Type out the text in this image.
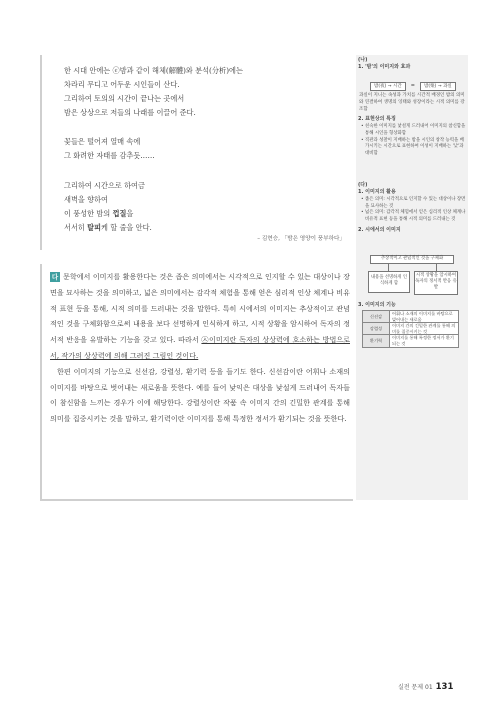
한 시대 안에는 ⓔ밤과 같이 해체(解體)와 분석(分析)에는
차라리 무디고 어두운 시인들이 산다.
그리하여 토의의 시간이 끝나는 곳에서
밤은 상상으로 저들의 나래를 이끌어 준다.
꽃들은 떨어져 열매 속에
그 화려한 자태를 감추듯……
그리하여 시간으로 하여금
새벽을 향하여
이 풍성한 밤의 껍질을
서서히 탈피케 할 줄을 안다.
– 김현승, 「밤은 영양이 풍부하다」

다 문학에서 이미지를 활용한다는 것은 좁은 의미에서는 시각적으로 인지할 수 있는 대상이나 장면을 묘사하는 것을 의미하고, 넓은 의미에서는 감각적 체험을 통해 얻은 심리적 인상 체계나 비유적 표현 등을 통해, 시적 의미를 드러내는 것을 말한다. 특히 시에서의 이미지는 추상적이고 관념적인 것을 구체화함으로써 내용을 보다 선명하게 인식하게 하고, 시적 상황을 암시하여 독자의 정서적 반응을 유발하는 기능을 갖고 있다. 따라서 ㉦이미지란 독자의 상상력에 호소하는 방법으로서, 작가의 상상력에 의해 그려진 그림인 것이다.

한편 이미지의 기능으로 신선감, 강렬성, 환기력 등을 들기도 한다. 신선감이란 어휘나 소재의 이미지를 바탕으로 벗어내는 새로움을 뜻한다. 예를 들어 낯익은 대상을 낯설게 드러내어 독자들이 참신함을 느끼는 경우가 이에 해당한다. 강렬성이란 작품 속 이미지 간의 긴밀한 관계를 통해 의미를 집중시키는 것을 말하고, 환기력이란 이미지를 통해 특정한 정서가 환기되는 것을 뜻한다.

(나)
1. '밤'의 이미지와 효과
밤(夜) → 시간 = 밤(栗) → 과실
과실이 지니는 속성과 가치를 시간적 배경인 밤의 의미와 연결하여 생명의 잉태와 성장이라는 시적 의미를 강조함
2. 표현상의 특징
• 친숙한 이미지를 낯설게 드러내어 이미지의 참신함을 통해 시인을 형상화함
• 직관과 성찰이 지배하는 밤을 시인의 창작 능력을 배가시키는 시간으로 표현하여 이성이 지배하는 '낮'과 대비함
(다)
1. 이미지의 활용
• 좁은 의미: 시각적으로 인지할 수 있는 대상이나 장면을 묘사하는 것
• 넓은 의미: 감각적 체험에서 얻은 심리적 인상 체계나 비유적 표현 등을 통해 시적 의미를 드러내는 것
2. 시에서의 이미지
추상적이고 관념적인 것을 구체화
내용을 선명하게 인식하게 함
시적 상황을 암시하여 독자의 정서적 반응 유발
3. 이미지의 기능
신선감	어휘나 소재의 이미지를 바탕으로 빚어내는 새로움
강렬성	이미지 간의 긴밀한 관계를 통해 의미를 집중시키는 것
환기력	이미지를 통해 특정한 정서가 환기되는 것
실전 문제 01 131
